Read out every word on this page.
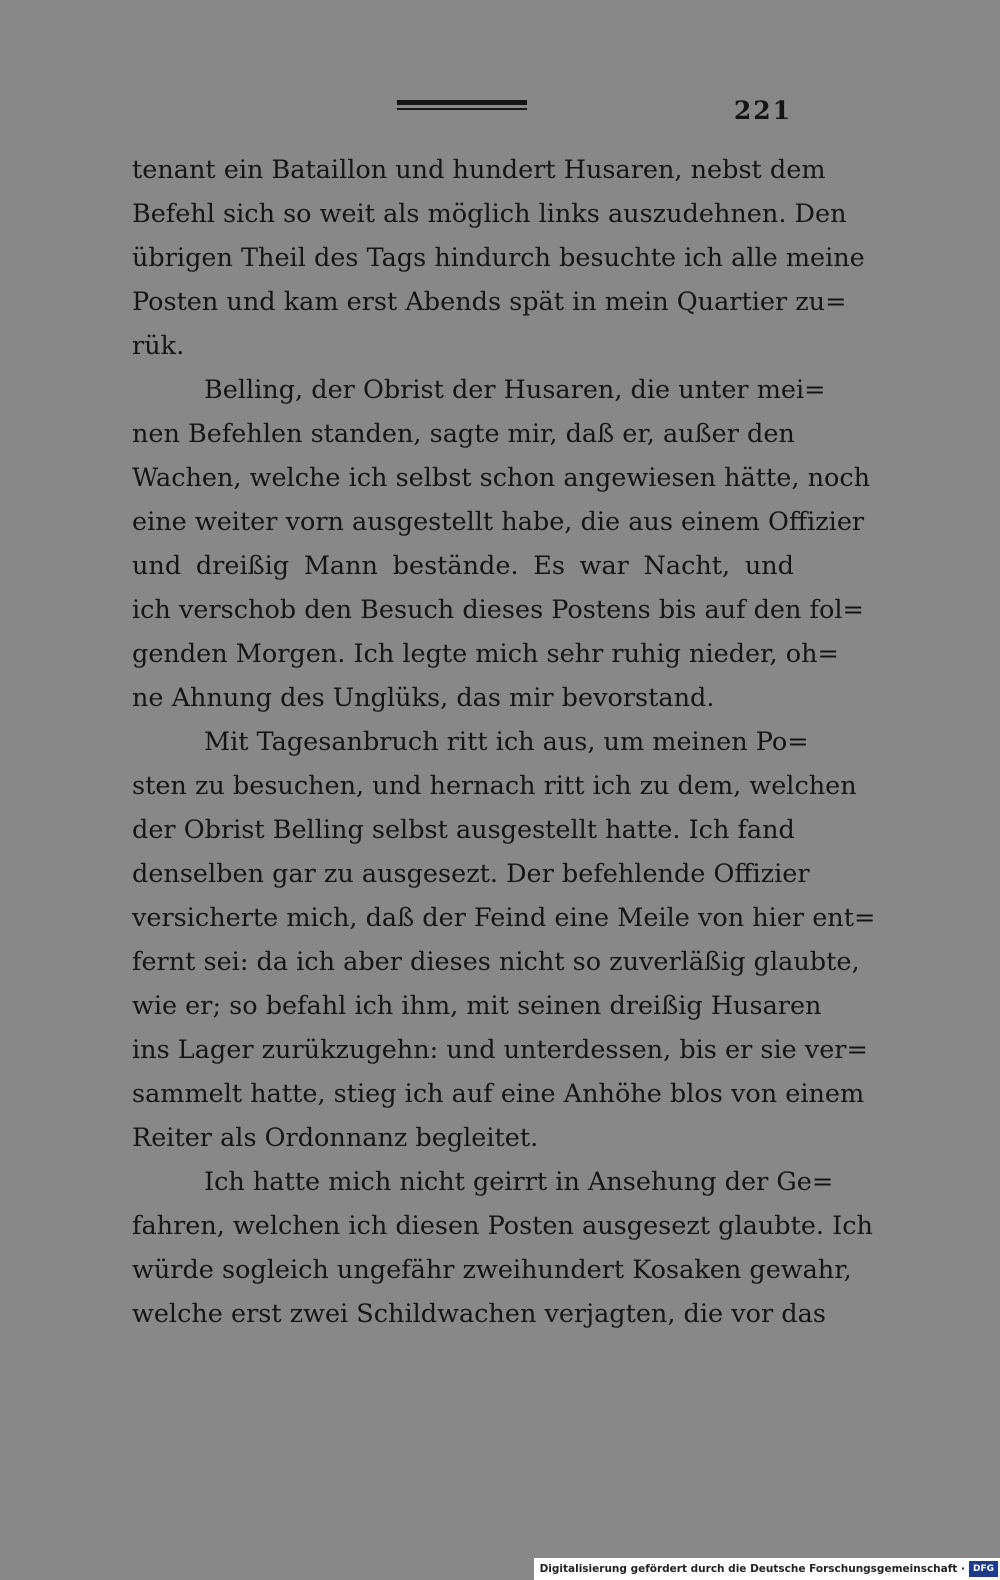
221
tenant ein Bataillon und hundert Husaren, nebst dem
Befehl sich so weit als möglich links auszudehnen. Den
übrigen Theil des Tags hindurch besuchte ich alle meine
Posten und kam erst Abends spät in mein Quartier zu=
rük.
Belling, der Obrist der Husaren, die unter mei=
nen Befehlen standen, sagte mir, daß er, außer den
Wachen, welche ich selbst schon angewiesen hätte, noch
eine weiter vorn ausgestellt habe, die aus einem Offizier
und dreißig Mann bestände. Es war Nacht, und
ich verschob den Besuch dieses Postens bis auf den fol=
genden Morgen. Ich legte mich sehr ruhig nieder, oh=
ne Ahnung des Unglüks, das mir bevorstand.
Mit Tagesanbruch ritt ich aus, um meinen Po=
sten zu besuchen, und hernach ritt ich zu dem, welchen
der Obrist Belling selbst ausgestellt hatte. Ich fand
denselben gar zu ausgesezt. Der befehlende Offizier
versicherte mich, daß der Feind eine Meile von hier ent=
fernt sei: da ich aber dieses nicht so zuverläßig glaubte,
wie er; so befahl ich ihm, mit seinen dreißig Husaren
ins Lager zurükzugehn: und unterdessen, bis er sie ver=
sammelt hatte, stieg ich auf eine Anhöhe blos von einem
Reiter als Ordonnanz begleitet.
Ich hatte mich nicht geirrt in Ansehung der Ge=
fahren, welchen ich diesen Posten ausgesezt glaubte. Ich
würde sogleich ungefähr zweihundert Kosaken gewahr,
welche erst zwei Schildwachen verjagten, die vor das
Digitalisierung gefördert durch die Deutsche Forschungsgemeinschaft · DFG
